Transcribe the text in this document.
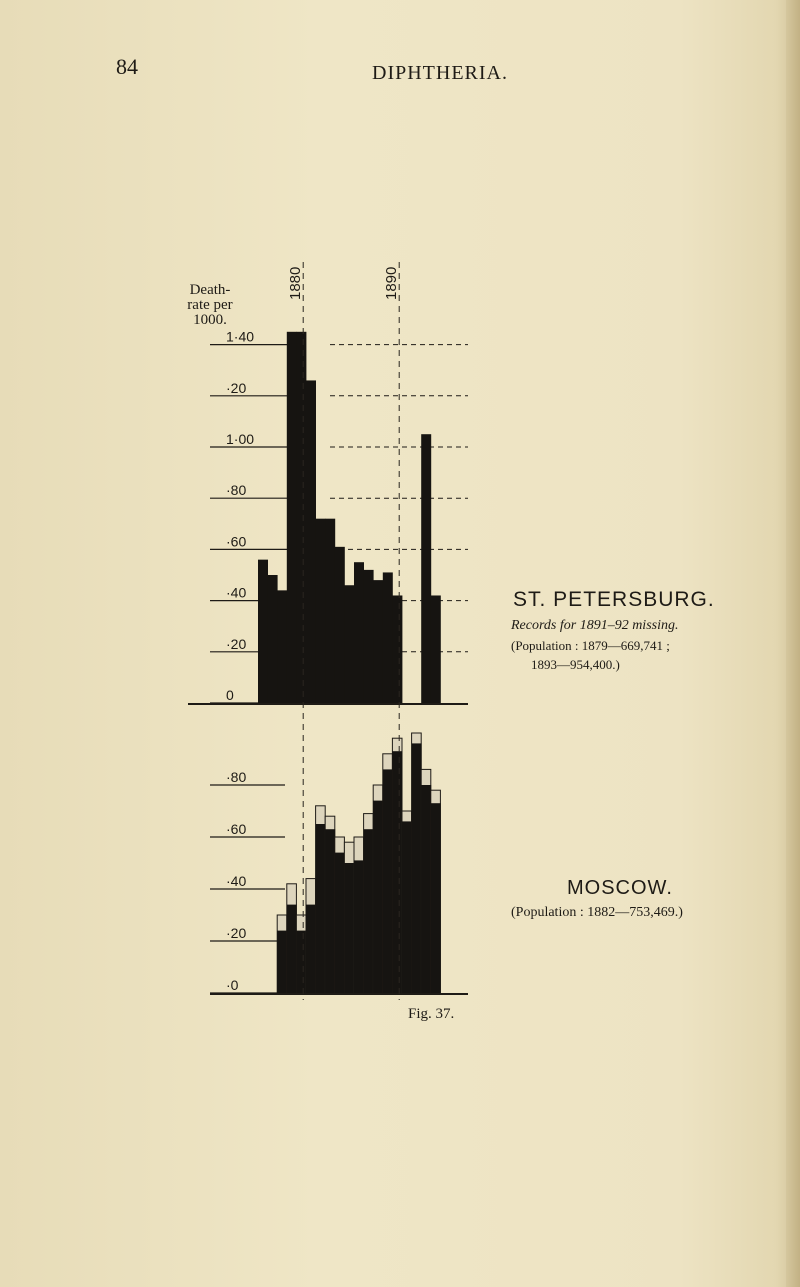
84	DIPHTHERIA.
Death-
rate per
1000.
0
·20
·40
·60
·80
1·00
·20
1·40
·0
·20
·40
·60
·80
1880	1890
ST. PETERSBURG.
Records for 1891–92 missing.
(Population : 1879—669,741 ;
1893—954,400.)
MOSCOW.
(Population : 1882—753,469.)
Fig. 37.
